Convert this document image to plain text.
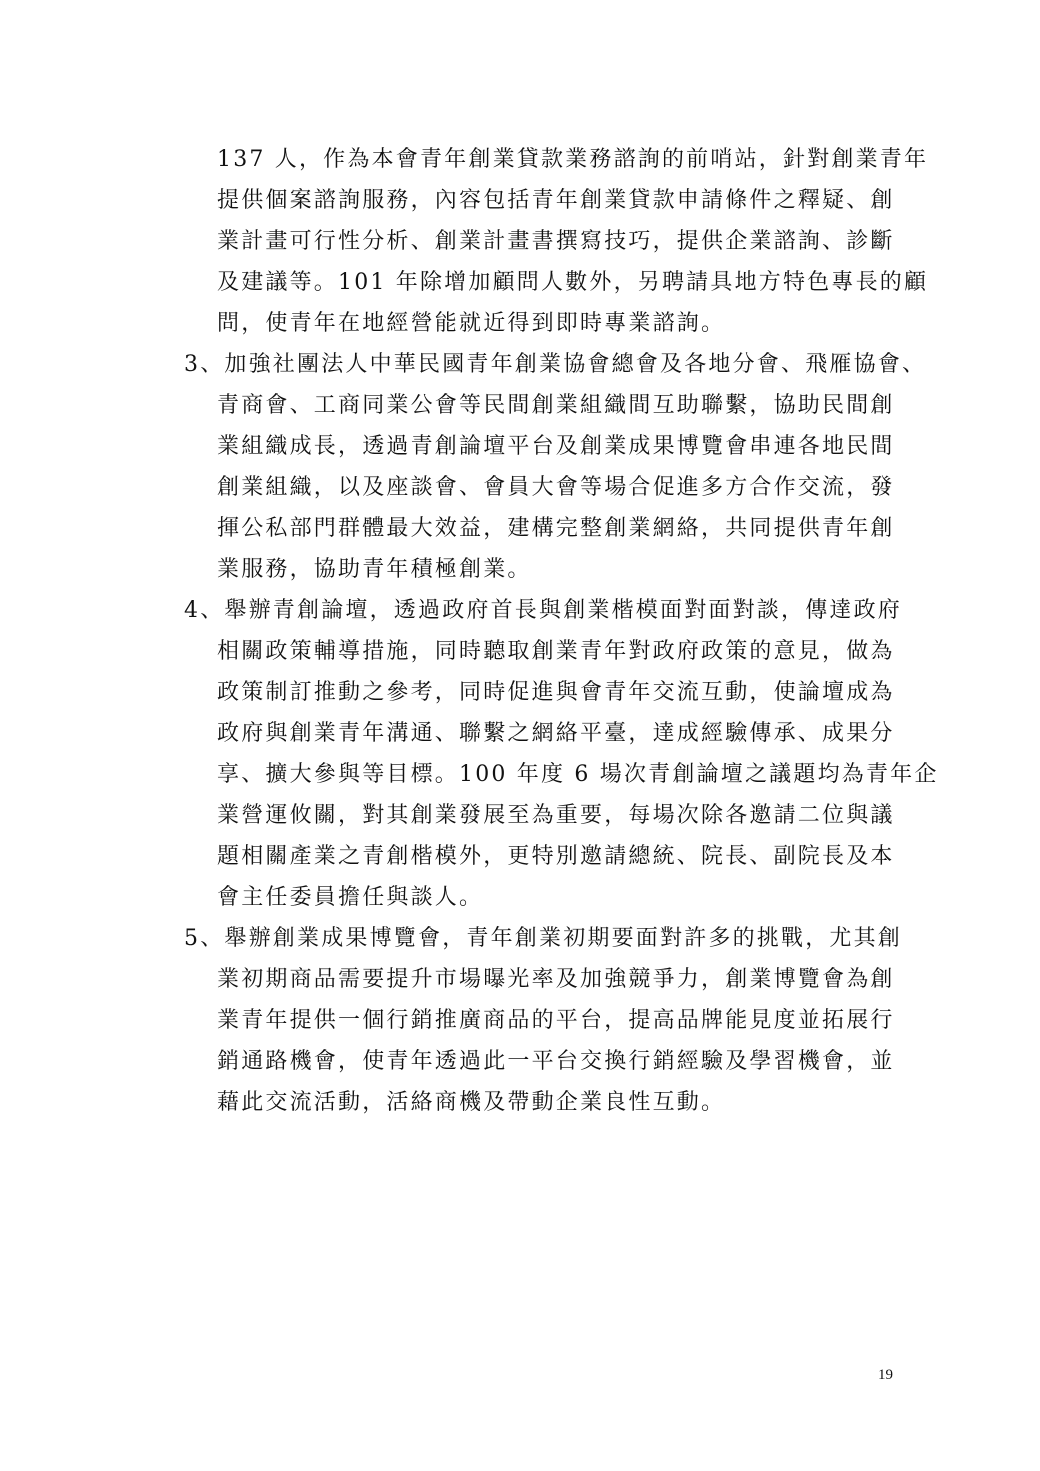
137 人，作為本會青年創業貸款業務諮詢的前哨站，針對創業青年
提供個案諮詢服務，內容包括青年創業貸款申請條件之釋疑、創
業計畫可行性分析、創業計畫書撰寫技巧，提供企業諮詢、診斷
及建議等。101 年除增加顧問人數外，另聘請具地方特色專長的顧
問，使青年在地經營能就近得到即時專業諮詢。
3、加強社團法人中華民國青年創業協會總會及各地分會、飛雁協會、
青商會、工商同業公會等民間創業組織間互助聯繫，協助民間創
業組織成長，透過青創論壇平台及創業成果博覽會串連各地民間
創業組織，以及座談會、會員大會等場合促進多方合作交流，發
揮公私部門群體最大效益，建構完整創業網絡，共同提供青年創
業服務，協助青年積極創業。
4、舉辦青創論壇，透過政府首長與創業楷模面對面對談，傳達政府
相關政策輔導措施，同時聽取創業青年對政府政策的意見，做為
政策制訂推動之參考，同時促進與會青年交流互動，使論壇成為
政府與創業青年溝通、聯繫之網絡平臺，達成經驗傳承、成果分
享、擴大參與等目標。100 年度 6 場次青創論壇之議題均為青年企
業營運攸關，對其創業發展至為重要，每場次除各邀請二位與議
題相關產業之青創楷模外，更特別邀請總統、院長、副院長及本
會主任委員擔任與談人。
5、舉辦創業成果博覽會，青年創業初期要面對許多的挑戰，尤其創
業初期商品需要提升市場曝光率及加強競爭力，創業博覽會為創
業青年提供一個行銷推廣商品的平台，提高品牌能見度並拓展行
銷通路機會，使青年透過此一平台交換行銷經驗及學習機會，並
藉此交流活動，活絡商機及帶動企業良性互動。
19
